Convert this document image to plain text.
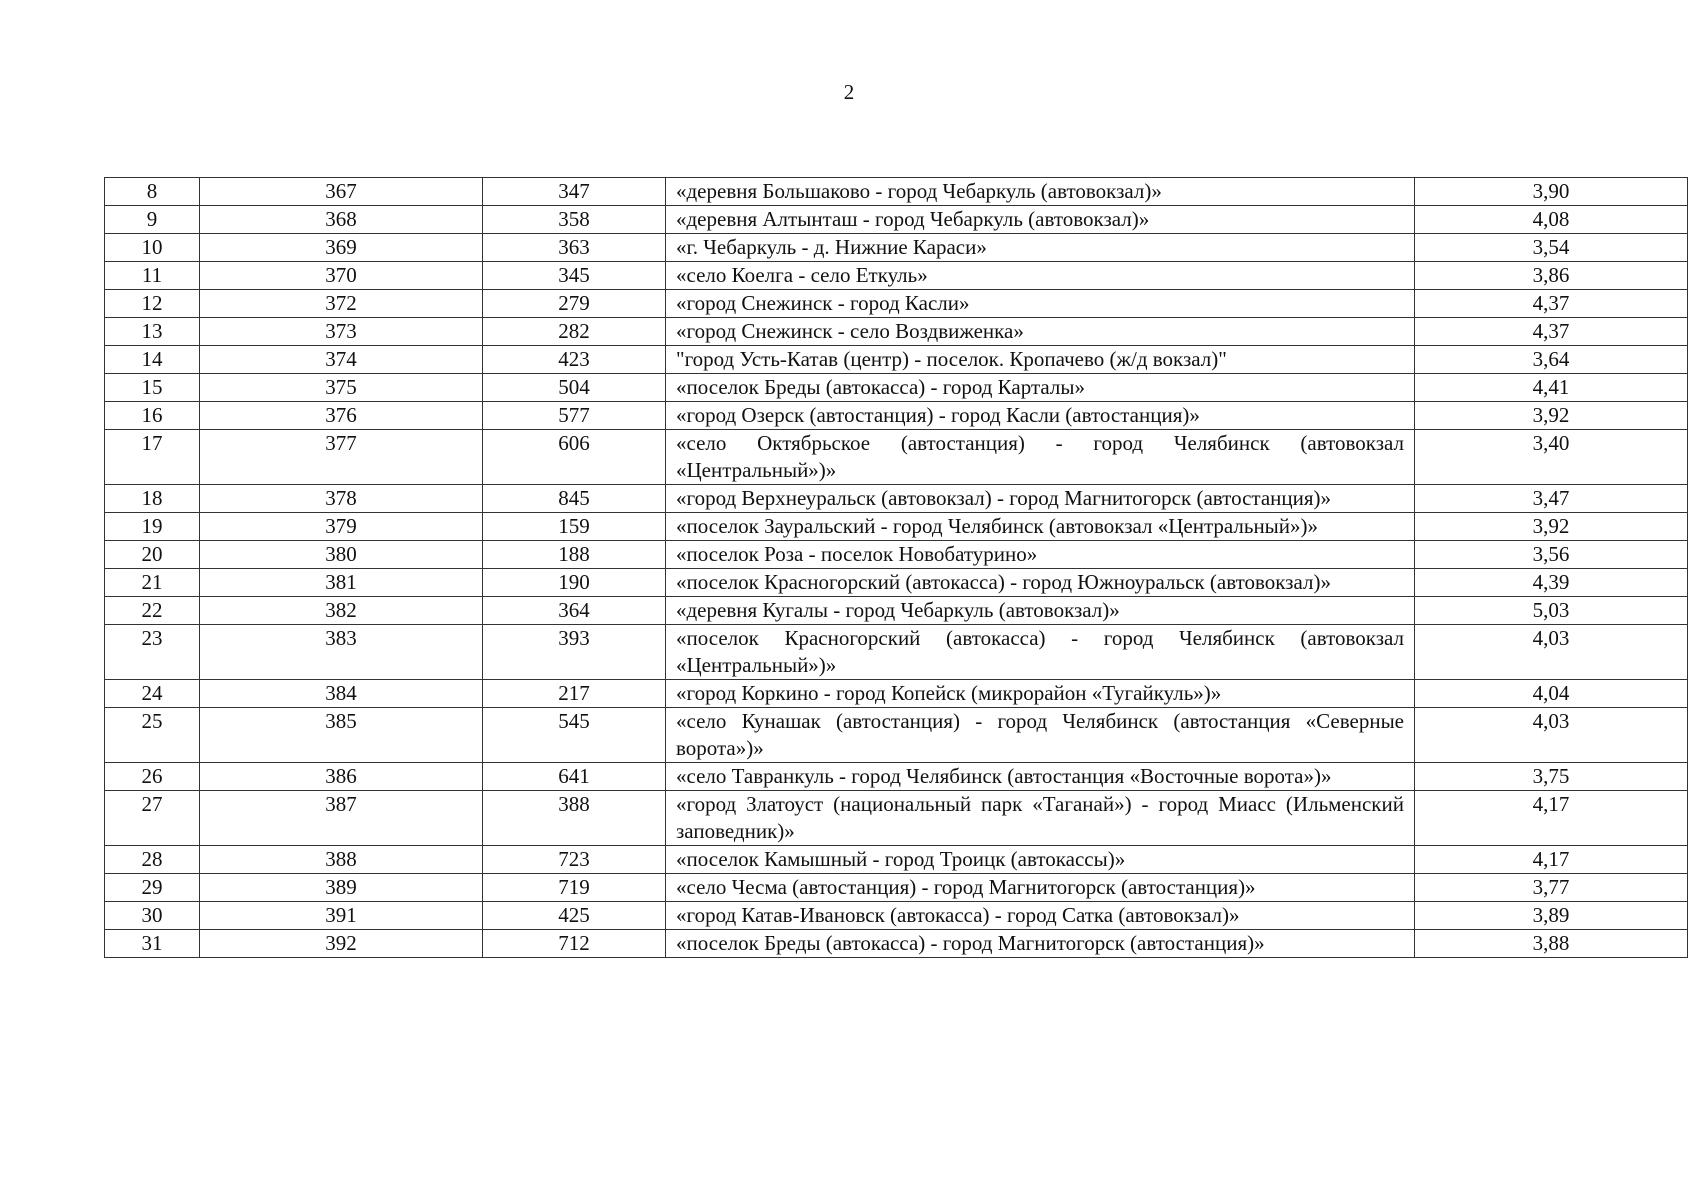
2
8	367	347	«деревня Большаково - город Чебаркуль (автовокзал)»	3,90
9	368	358	«деревня Алтынташ - город Чебаркуль (автовокзал)»	4,08
10	369	363	«г. Чебаркуль - д. Нижние Караси»	3,54
11	370	345	«село Коелга - село Еткуль»	3,86
12	372	279	«город Снежинск - город Касли»	4,37
13	373	282	«город Снежинск - село Воздвиженка»	4,37
14	374	423	"город Усть-Катав (центр) - поселок. Кропачево (ж/д вокзал)"	3,64
15	375	504	«поселок Бреды (автокасса) - город Карталы»	4,41
16	376	577	«город Озерск (автостанция) - город Касли (автостанция)»	3,92
17	377	606	«село Октябрьское (автостанция) - город Челябинск (автовокзал «Центральный»)»	3,40
18	378	845	«город Верхнеуральск (автовокзал) - город Магнитогорск (автостанция)»	3,47
19	379	159	«поселок Зауральский - город Челябинск (автовокзал «Центральный»)»	3,92
20	380	188	«поселок Роза - поселок Новобатурино»	3,56
21	381	190	«поселок Красногорский (автокасса) - город Южноуральск (автовокзал)»	4,39
22	382	364	«деревня Кугалы - город Чебаркуль (автовокзал)»	5,03
23	383	393	«поселок Красногорский (автокасса) - город Челябинск (автовокзал «Центральный»)»	4,03
24	384	217	«город Коркино - город Копейск (микрорайон «Тугайкуль»)»	4,04
25	385	545	«село Кунашак (автостанция) - город Челябинск (автостанция «Северные ворота»)»	4,03
26	386	641	«село Тавранкуль - город Челябинск (автостанция «Восточные ворота»)»	3,75
27	387	388	«город Златоуст (национальный парк «Таганай») - город Миасс (Ильменский заповедник)»	4,17
28	388	723	«поселок Камышный - город Троицк (автокассы)»	4,17
29	389	719	«село Чесма (автостанция) - город Магнитогорск (автостанция)»	3,77
30	391	425	«город Катав-Ивановск (автокасса) - город Сатка (автовокзал)»	3,89
31	392	712	«поселок Бреды (автокасса) - город Магнитогорск (автостанция)»	3,88
